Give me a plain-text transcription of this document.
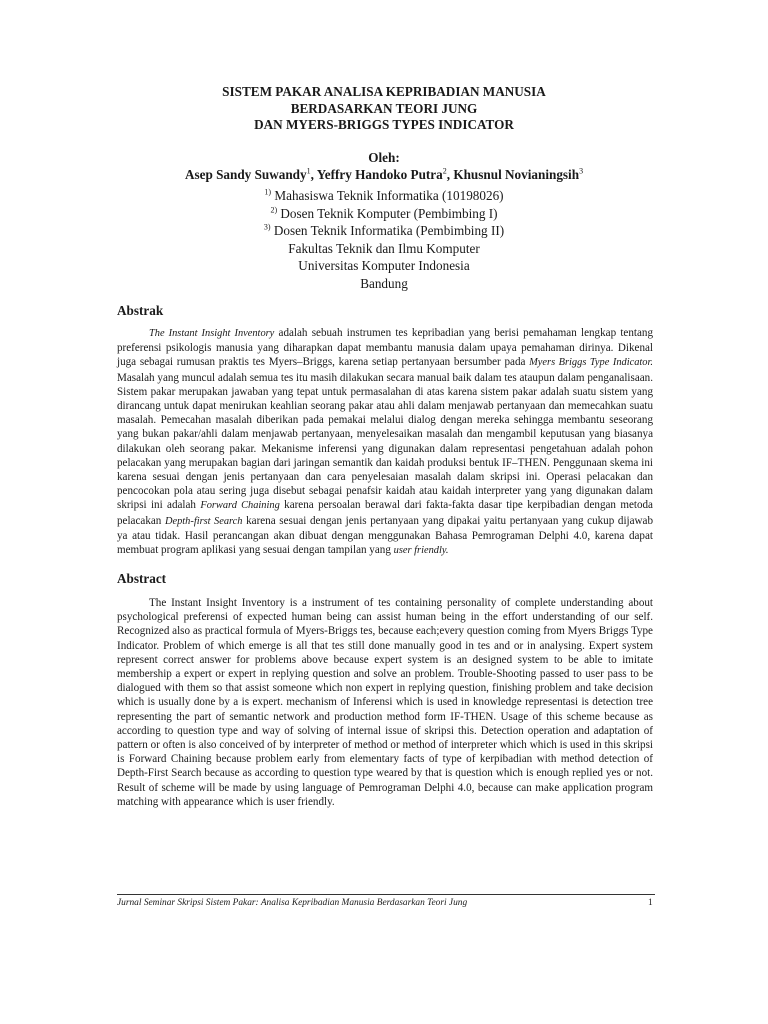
SISTEM PAKAR ANALISA KEPRIBADIAN MANUSIA
BERDASARKAN TEORI JUNG
DAN MYERS-BRIGGS TYPES INDICATOR
Oleh:
Asep Sandy Suwandy$^1$, Yeffry Handoko Putra$^2$, Khusnul Novianingsih$^3$
$^{1)}$ Mahasiswa Teknik Informatika (10198026)
$^{2)}$ Dosen Teknik Komputer (Pembimbing I)
$^{3)}$ Dosen Teknik Informatika (Pembimbing II)
Fakultas Teknik dan Ilmu Komputer
Universitas Komputer Indonesia
Bandung
Abstrak

The Instant Insight Inventory adalah sebuah instrumen tes kepribadian yang berisi pemahaman lengkap tentang preferensi psikologis manusia yang diharapkan dapat membantu manusia dalam upaya pemahaman dirinya. Dikenal juga sebagai rumusan praktis tes Myers–Briggs, karena setiap pertanyaan bersumber pada Myers Briggs Type Indicator. Masalah yang muncul adalah semua tes itu masih dilakukan secara manual baik dalam tes ataupun dalam penganalisaan. Sistem pakar merupakan jawaban yang tepat untuk permasalahan di atas karena sistem pakar adalah suatu sistem yang dirancang untuk dapat menirukan keahlian seorang pakar atau ahli dalam menjawab pertanyaan dan memecahkan suatu masalah. Pemecahan masalah diberikan pada pemakai melalui dialog dengan mereka sehingga membantu seseorang yang bukan pakar/ahli dalam menjawab pertanyaan, menyelesaikan masalah dan mengambil keputusan yang biasanya dilakukan oleh seorang pakar. Mekanisme inferensi yang digunakan dalam representasi pengetahuan adalah pohon pelacakan yang merupakan bagian dari jaringan semantik dan kaidah produksi bentuk IF–THEN. Penggunaan skema ini karena sesuai dengan jenis pertanyaan dan cara penyelesaian masalah dalam skripsi ini. Operasi pelacakan dan pencocokan pola atau sering juga disebut sebagai penafsir kaidah atau kaidah interpreter yang yang digunakan dalam skripsi ini adalah Forward Chaining karena persoalan berawal dari fakta-fakta dasar tipe kerpibadian dengan metoda pelacakan Depth-first Search karena sesuai dengan jenis pertanyaan yang dipakai yaitu pertanyaan yang cukup dijawab ya atau tidak. Hasil perancangan akan dibuat dengan menggunakan Bahasa Pemrograman Delphi 4.0, karena dapat membuat program aplikasi yang sesuai dengan tampilan yang user friendly.

Abstract

The Instant Insight Inventory is a instrument of tes containing personality of complete understanding about psychological preferensi of expected human being can assist human being in the effort understanding of our self. Recognized also as practical formula of Myers-Briggs tes, because each;every question coming from Myers Briggs Type Indicator. Problem of which emerge is all that tes still done manually good in tes and or in analysing. Expert system represent correct answer for problems above because expert system is an designed system to be able to imitate membership a expert or expert in replying question and solve an problem. Trouble-Shooting passed to user pass to be dialogued with them so that assist someone which non expert in replying question, finishing problem and take decision which is usually done by a is expert. mechanism of Inferensi which is used in knowledge representasi is detection tree representing the part of semantic network and production method form IF-THEN. Usage of this scheme because as according to question type and way of solving of internal issue of skripsi this. Detection operation and adaptation of pattern or often is also conceived of by interpreter of method or method of interpreter which which is used in this skripsi is Forward Chaining because problem early from elementary facts of type of kerpibadian with method detection of Depth-First Search because as according to question type weared by that is question which is enough replied yes or not. Result of scheme will be made by using language of Pemrograman Delphi 4.0, because can make application program matching with appearance which is user friendly.

Jurnal Seminar Skripsi Sistem Pakar: Analisa Kepribadian Manusia Berdasarkan Teori Jung	1
